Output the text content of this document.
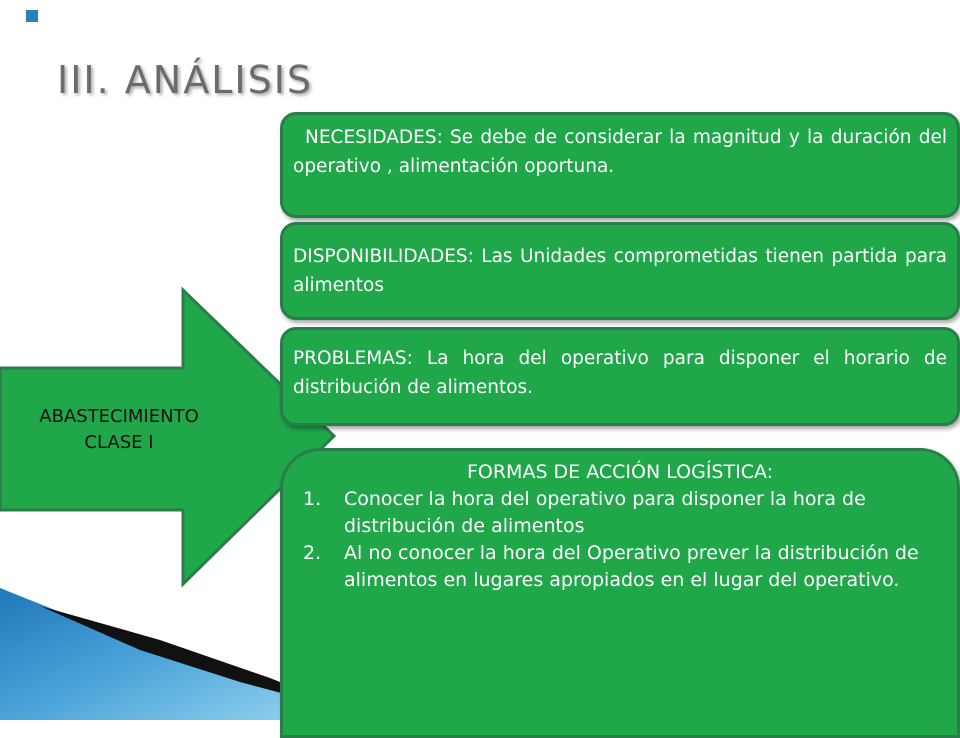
III. ANÁLISIS
ABASTECIMIENTO
CLASE I

NECESIDADES: Se debe de considerar la magnitud y la duración del operativo , alimentación oportuna.

DISPONIBILIDADES: Las Unidades comprometidas tienen partida para alimentos

PROBLEMAS: La hora del operativo para disponer el horario de distribución de alimentos.

FORMAS DE ACCIÓN LOGÍSTICA:

1. Conocer la hora del operativo para disponer la hora de distribución de alimentos
2. Al no conocer la hora del Operativo prever la distribución de alimentos en lugares apropiados en el lugar del operativo.
